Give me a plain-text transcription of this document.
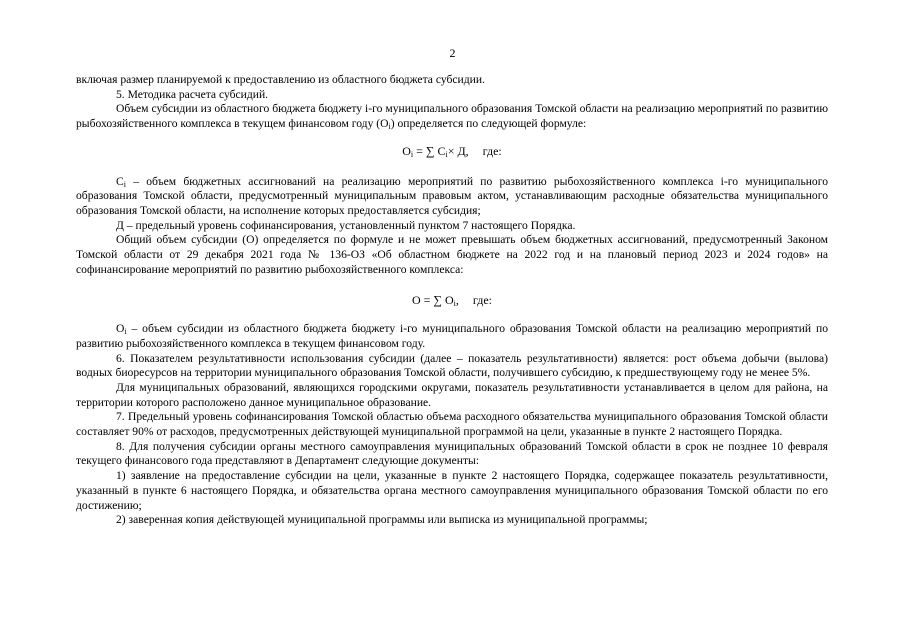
2

включая размер планируемой к предоставлению из областного бюджета субсидии.

5. Методика расчета субсидий.

Объем субсидии из областного бюджета бюджету i-го муниципального образования Томской области на реализацию мероприятий по развитию рыбохозяйственного комплекса в текущем финансовом году $(О_i)$ определяется по следующей формуле:

$О_i$ = ∑ $С_i\times Д$, где:

$С_i$ – объем бюджетных ассигнований на реализацию мероприятий по развитию рыбохозяйственного комплекса i-го муниципального образования Томской области, предусмотренный муниципальным правовым актом, устанавливающим расходные обязательства муниципального образования Томской области, на исполнение которых предоставляется субсидия;

Д – предельный уровень софинансирования, установленный пунктом 7 настоящего Порядка.

Общий объем субсидии (О) определяется по формуле и не может превышать объем бюджетных ассигнований, предусмотренный Законом Томской области от 29 декабря 2021 года № 136-ОЗ «Об областном бюджете на 2022 год и на плановый период 2023 и 2024 годов» на софинансирование мероприятий по развитию рыбохозяйственного комплекса:

О = ∑ $О_i$, где:

$О_i$ – объем субсидии из областного бюджета бюджету i-го муниципального образования Томской области на реализацию мероприятий по развитию рыбохозяйственного комплекса в текущем финансовом году.

6. Показателем результативности использования субсидии (далее – показатель результативности) является: рост объема добычи (вылова) водных биоресурсов на территории муниципального образования Томской области, получившего субсидию, к предшествующему году не менее 5%.

Для муниципальных образований, являющихся городскими округами, показатель результативности устанавливается в целом для района, на территории которого расположено данное муниципальное образование.

7. Предельный уровень софинансирования Томской областью объема расходного обязательства муниципального образования Томской области составляет 90% от расходов, предусмотренных действующей муниципальной программой на цели, указанные в пункте 2 настоящего Порядка.

8. Для получения субсидии органы местного самоуправления муниципальных образований Томской области в срок не позднее 10 февраля текущего финансового года представляют в Департамент следующие документы:

1) заявление на предоставление субсидии на цели, указанные в пункте 2 настоящего Порядка, содержащее показатель результативности, указанный в пункте 6 настоящего Порядка, и обязательства органа местного самоуправления муниципального образования Томской области по его достижению;

2) заверенная копия действующей муниципальной программы или выписка из муниципальной программы;
